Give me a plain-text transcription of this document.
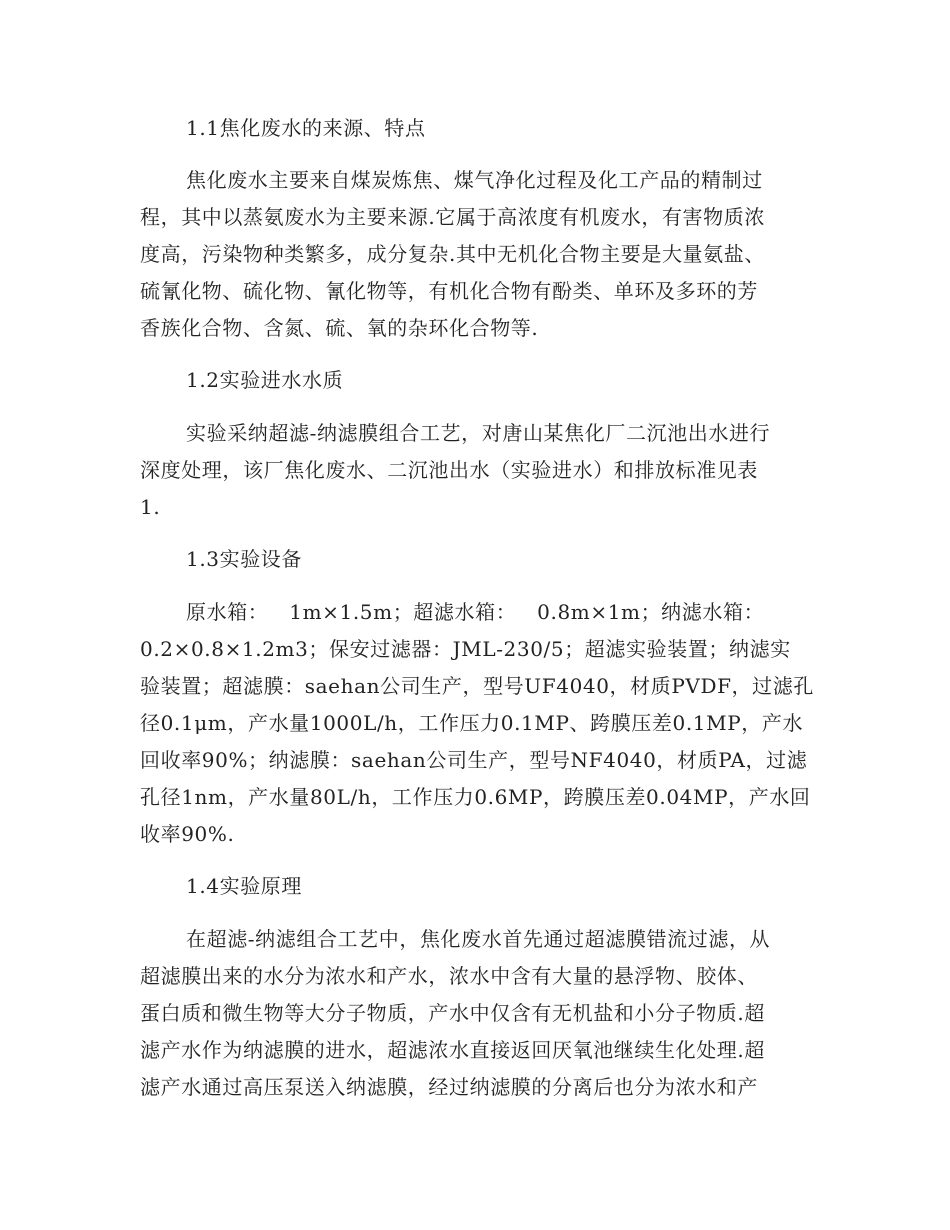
1.1焦化废水的来源、特点
焦化废水主要来自煤炭炼焦、煤气净化过程及化工产品的精制过
程，其中以蒸氨废水为主要来源.它属于高浓度有机废水，有害物质浓
度高，污染物种类繁多，成分复杂.其中无机化合物主要是大量氨盐、
硫氰化物、硫化物、氰化物等，有机化合物有酚类、单环及多环的芳
香族化合物、含氮、硫、氧的杂环化合物等.
1.2实验进水水质
实验采纳超滤-纳滤膜组合工艺，对唐山某焦化厂二沉池出水进行
深度处理，该厂焦化废水、二沉池出水（实验进水）和排放标准见表
1.
1.3实验设备
原水箱：   1m×1.5m；超滤水箱：   0.8m×1m；纳滤水箱：
0.2×0.8×1.2m3；保安过滤器：JML-230/5；超滤实验装置；纳滤实
验装置；超滤膜：saehan公司生产，型号UF4040，材质PVDF，过滤孔
径0.1μm，产水量1000L/h，工作压力0.1MP、跨膜压差0.1MP，产水
回收率90%；纳滤膜：saehan公司生产，型号NF4040，材质PA，过滤
孔径1nm，产水量80L/h，工作压力0.6MP，跨膜压差0.04MP，产水回
收率90%.
1.4实验原理
在超滤-纳滤组合工艺中，焦化废水首先通过超滤膜错流过滤，从
超滤膜出来的水分为浓水和产水，浓水中含有大量的悬浮物、胶体、
蛋白质和微生物等大分子物质，产水中仅含有无机盐和小分子物质.超
滤产水作为纳滤膜的进水，超滤浓水直接返回厌氧池继续生化处理.超
滤产水通过高压泵送入纳滤膜，经过纳滤膜的分离后也分为浓水和产
